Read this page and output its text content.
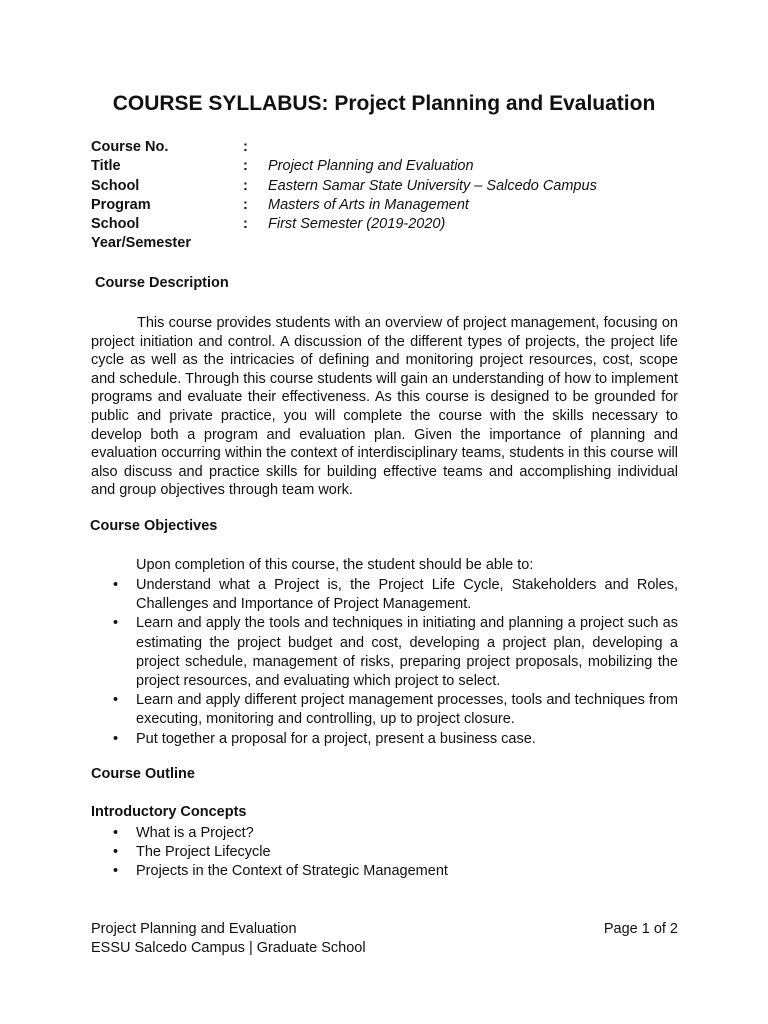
COURSE SYLLABUS: Project Planning and Evaluation
Course No.	:
Title	:	Project Planning and Evaluation
School	:	Eastern Samar State University – Salcedo Campus
Program	:	Masters of Arts in Management
School	:	First Semester (2019-2020)
Year/Semester
Course Description

This course provides students with an overview of project management, focusing on project initiation and control. A discussion of the different types of projects, the project life cycle as well as the intricacies of defining and monitoring project resources, cost, scope and schedule. Through this course students will gain an understanding of how to implement programs and evaluate their effectiveness. As this course is designed to be grounded for public and private practice, you will complete the course with the skills necessary to develop both a program and evaluation plan. Given the importance of planning and evaluation occurring within the context of interdisciplinary teams, students in this course will also discuss and practice skills for building effective teams and accomplishing individual and group objectives through team work.

Course Objectives

Upon completion of this course, the student should be able to:

• Understand what a Project is, the Project Life Cycle, Stakeholders and Roles, Challenges and Importance of Project Management.
• Learn and apply the tools and techniques in initiating and planning a project such as estimating the project budget and cost, developing a project plan, developing a project schedule, management of risks, preparing project proposals, mobilizing the project resources, and evaluating which project to select.
• Learn and apply different project management processes, tools and techniques from executing, monitoring and controlling, up to project closure.
• Put together a proposal for a project, present a business case.
Course Outline
Introductory Concepts
• What is a Project?
• The Project Lifecycle
• Projects in the Context of Strategic Management
Project Planning and Evaluation
ESSU Salcedo Campus | Graduate School
Page 1 of 2
